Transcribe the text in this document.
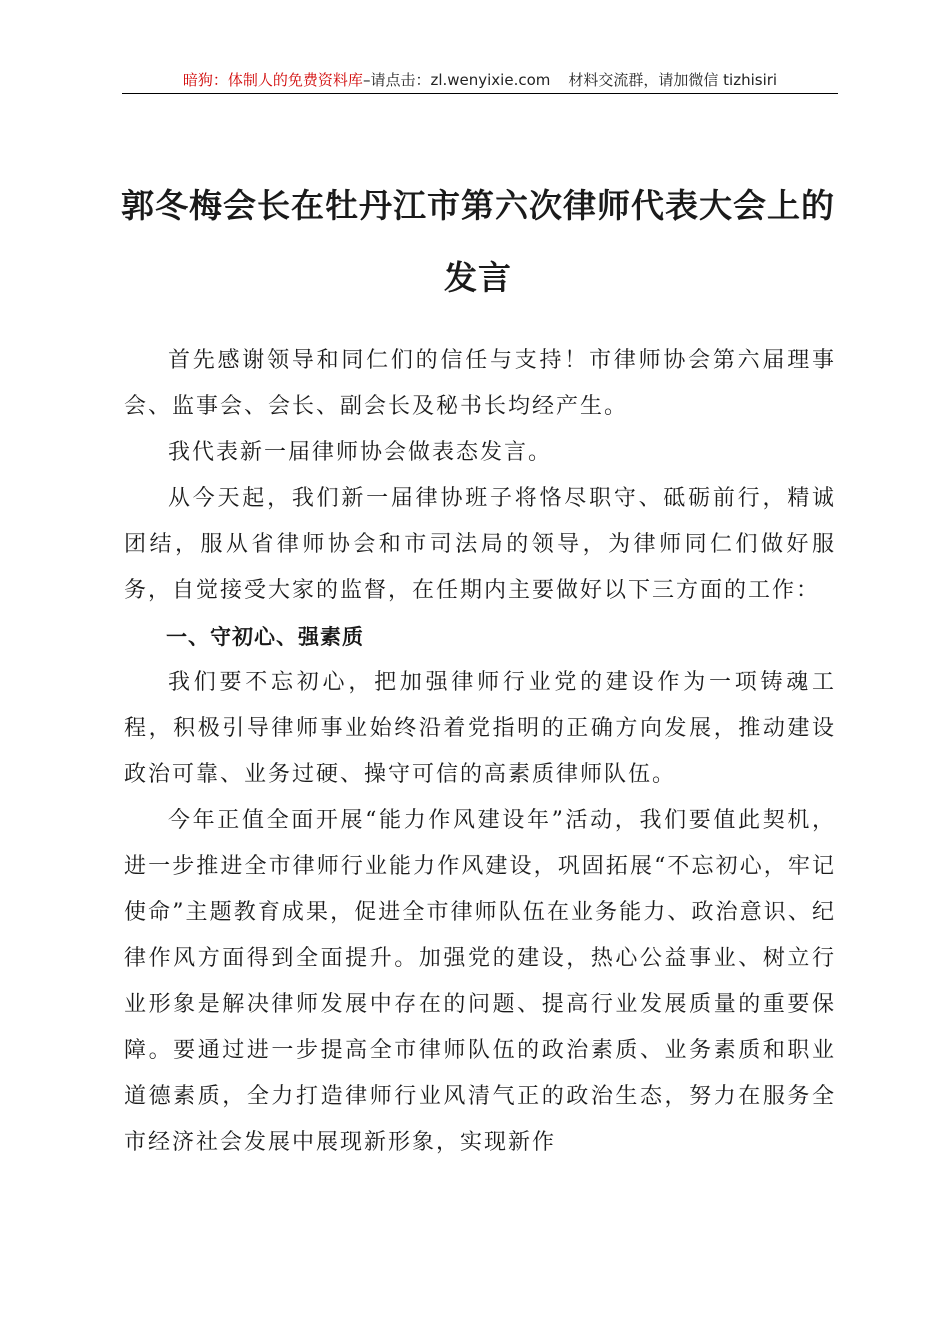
暗狗：体制人的免费资料库–请点击：zl.wenyixie.com 材料交流群，请加微信 tizhisiri
郭冬梅会长在牡丹江市第六次律师代表大会上的发言

首先感谢领导和同仁们的信任与支持！市律师协会第六届理事会、监事会、会长、副会长及秘书长均经产生。

我代表新一届律师协会做表态发言。

从今天起，我们新一届律协班子将恪尽职守、砥砺前行，精诚团结，服从省律师协会和市司法局的领导，为律师同仁们做好服务，自觉接受大家的监督，在任期内主要做好以下三方面的工作：

一、守初心、强素质

我们要不忘初心，把加强律师行业党的建设作为一项铸魂工程，积极引导律师事业始终沿着党指明的正确方向发展，推动建设政治可靠、业务过硬、操守可信的高素质律师队伍。

今年正值全面开展“能力作风建设年”活动，我们要值此契机，进一步推进全市律师行业能力作风建设，巩固拓展“不忘初心，牢记使命”主题教育成果，促进全市律师队伍在业务能力、政治意识、纪律作风方面得到全面提升。加强党的建设，热心公益事业、树立行业形象是解决律师发展中存在的问题、提高行业发展质量的重要保障。要通过进一步提高全市律师队伍的政治素质、业务素质和职业道德素质，全力打造律师行业风清气正的政治生态，努力在服务全市经济社会发展中展现新形象，实现新作
